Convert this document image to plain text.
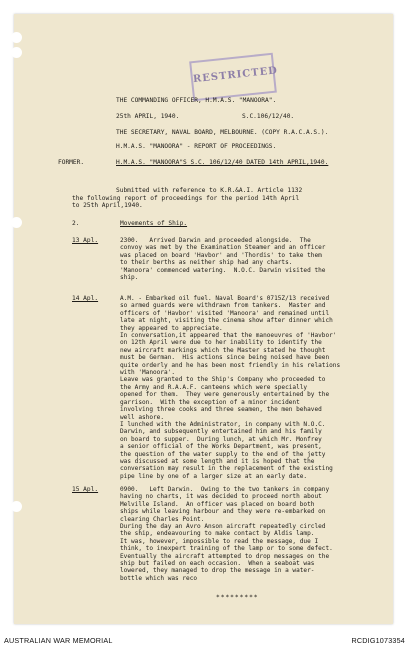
RESTRICTED
THE COMMANDING OFFICER, H.M.A.S. "MANOORA".
25th APRIL, 1940.	S.C.106/12/40.
THE SECRETARY, NAVAL BOARD, MELBOURNE. (COPY R.A.C.A.S.).
H.M.A.S. "MANOORA" - REPORT OF PROCEEDINGS.
FORMER.	H.M.A.S. "MANOORA"S S.C. 106/12/40 DATED 14th APRIL,1940.
Submitted with reference to K.R.&A.I. Article 1132
the following report of proceedings for the period 14th April
to 25th April,1940.
2.	Movements of Ship.
13 Apl.	2300.   Arrived Darwin and proceeded alongside.  The
convoy was met by the Examination Steamer and an officer
was placed on board 'Havbor' and 'Thordis' to take them
to their berths as neither ship had any charts.
'Manoora' commenced watering.  N.O.C. Darwin visited the
ship.
14 Apl.	A.M. - Embarked oil fuel. Naval Board's 0715Z/13 received
so armed guards were withdrawn from tankers.  Master and
officers of 'Havbor' visited 'Manoora' and remained until
late at night, visiting the cinema show after dinner which
they appeared to appreciate.
In conversation,it appeared that the manoeuvres of 'Havbor'
on 12th April were due to her inability to identify the
new aircraft markings which the Master stated he thought
must be German.  His actions since being noised have been
quite orderly and he has been most friendly in his relations
with 'Manoora'.
Leave was granted to the Ship's Company who proceeded to
the Army and R.A.A.F. canteens which were specially
opened for them.  They were generously entertained by the
garrison.  With the exception of a minor incident
involving three cooks and three seamen, the men behaved
well ashore.
I lunched with the Administrator, in company with N.O.C.
Darwin, and subsequently entertained him and his family
on board to supper.  During lunch, at which Mr. Monfrey
a senior official of the Works Department, was present,
the question of the water supply to the end of the jetty
was discussed at some length and it is hoped that the
conversation may result in the replacement of the existing
pipe line by one of a larger size at an early date.
15 Apl.	0900.   Left Darwin.  Owing to the two tankers in company
having no charts, it was decided to proceed north about
Melville Island.  An officer was placed on board both
ships while leaving harbour and they were re-embarked on
clearing Charles Point.
During the day an Avro Anson aircraft repeatedly circled
the ship, endeavouring to make contact by Aldis lamp.
It was, however, impossible to read the message, due I
think, to inexpert training of the lamp or to some defect.
Eventually the aircraft attempted to drop messages on the
ship but failed on each occasion.  When a seaboat was
lowered, they managed to drop the message in a water-
bottle which was reco
*********
AUSTRALIAN WAR MEMORIAL	RCDIG1073354
